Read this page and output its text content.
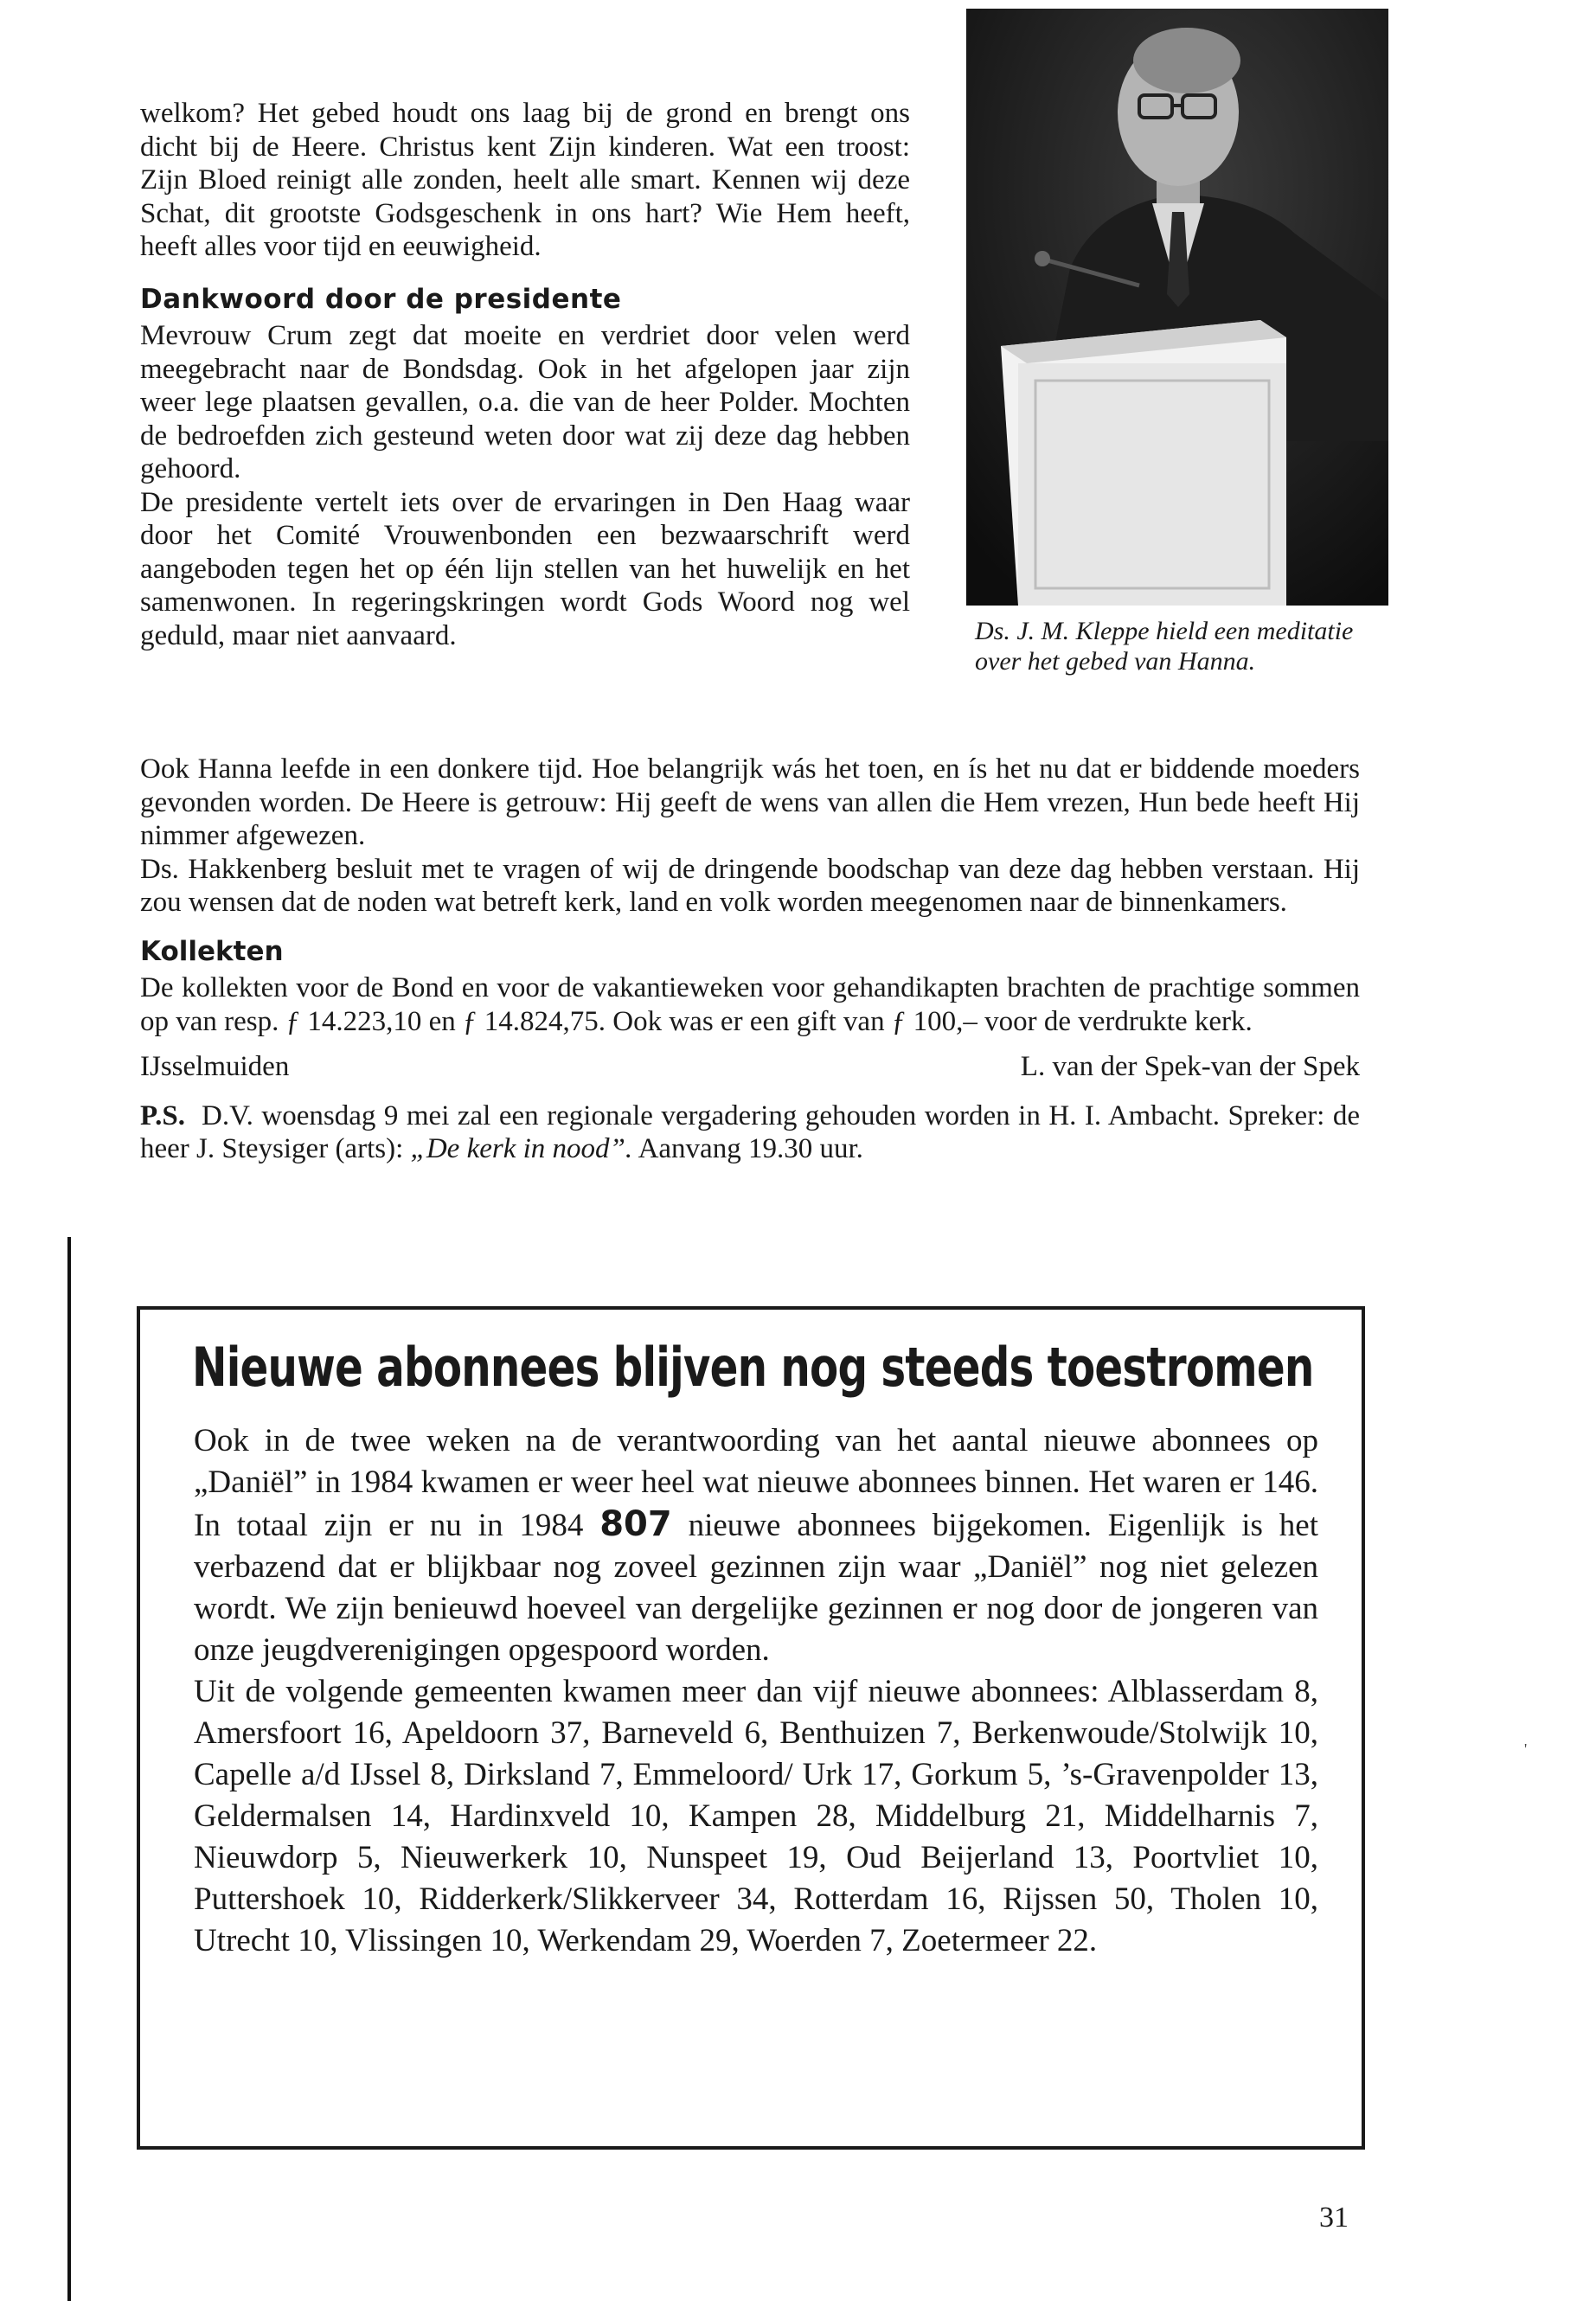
welkom? Het gebed houdt ons laag bij de grond en brengt ons dicht bij de Heere. Christus kent Zijn kinderen. Wat een troost: Zijn Bloed reinigt alle zonden, heelt alle smart. Kennen wij deze Schat, dit grootste Godsgeschenk in ons hart? Wie Hem heeft, heeft alles voor tijd en eeuwigheid.

Dankwoord door de presidente

Mevrouw Crum zegt dat moeite en verdriet door velen werd meegebracht naar de Bondsdag. Ook in het afgelopen jaar zijn weer lege plaatsen gevallen, o.a. die van de heer Polder. Mochten de bedroefden zich gesteund weten door wat zij deze dag hebben gehoord.

De presidente vertelt iets over de ervaringen in Den Haag waar door het Comité Vrouwenbonden een bezwaarschrift werd aangeboden tegen het op één lijn stellen van het huwelijk en het samenwonen. In regeringskringen wordt Gods Woord nog wel geduld, maar niet aanvaard.	Ds. J. M. Kleppe hield een meditatie over het gebed van Hanna.

Ook Hanna leefde in een donkere tijd. Hoe belangrijk wás het toen, en ís het nu dat er biddende moeders gevonden worden. De Heere is getrouw: Hij geeft de wens van allen die Hem vrezen, Hun bede heeft Hij nimmer afgewezen.

Ds. Hakkenberg besluit met te vragen of wij de dringende boodschap van deze dag hebben verstaan. Hij zou wensen dat de noden wat betreft kerk, land en volk worden meegenomen naar de binnenkamers.

Kollekten

De kollekten voor de Bond en voor de vakantieweken voor gehandikapten brachten de prachtige sommen op van resp. ƒ 14.223,10 en ƒ 14.824,75. Ook was er een gift van ƒ 100,– voor de verdrukte kerk.

IJsselmuiden	L. van der Spek-van der Spek

P.S. D.V. woensdag 9 mei zal een regionale vergadering gehouden worden in H. I. Ambacht. Spreker: de heer J. Steysiger (arts): „De kerk in nood”. Aanvang 19.30 uur.

Nieuwe abonnees blijven nog steeds toestromen

Ook in de twee weken na de verantwoording van het aantal nieuwe abonnees op „Daniël” in 1984 kwamen er weer heel wat nieuwe abonnees binnen. Het waren er 146. In totaal zijn er nu in 1984 807 nieuwe abonnees bijgekomen. Eigenlijk is het verbazend dat er blijkbaar nog zoveel gezinnen zijn waar „Daniël” nog niet gelezen wordt. We zijn benieuwd hoeveel van dergelijke gezinnen er nog door de jongeren van onze jeugdverenigingen opgespoord worden.

Uit de volgende gemeenten kwamen meer dan vijf nieuwe abonnees: Alblasserdam 8, Amersfoort 16, Apeldoorn 37, Barneveld 6, Benthuizen 7, Berkenwoude/Stolwijk 10, Capelle a/d IJssel 8, Dirksland 7, Emmeloord/ Urk 17, Gorkum 5, ’s-Gravenpolder 13, Geldermalsen 14, Hardinxveld 10, Kampen 28, Middelburg 21, Middelharnis 7, Nieuwdorp 5, Nieuwerkerk 10, Nunspeet 19, Oud Beijerland 13, Poortvliet 10, Puttershoek 10, Ridderkerk/Slikkerveer 34, Rotterdam 16, Rijssen 50, Tholen 10, Utrecht 10, Vlissingen 10, Werkendam 29, Woerden 7, Zoetermeer 22.

'
31
